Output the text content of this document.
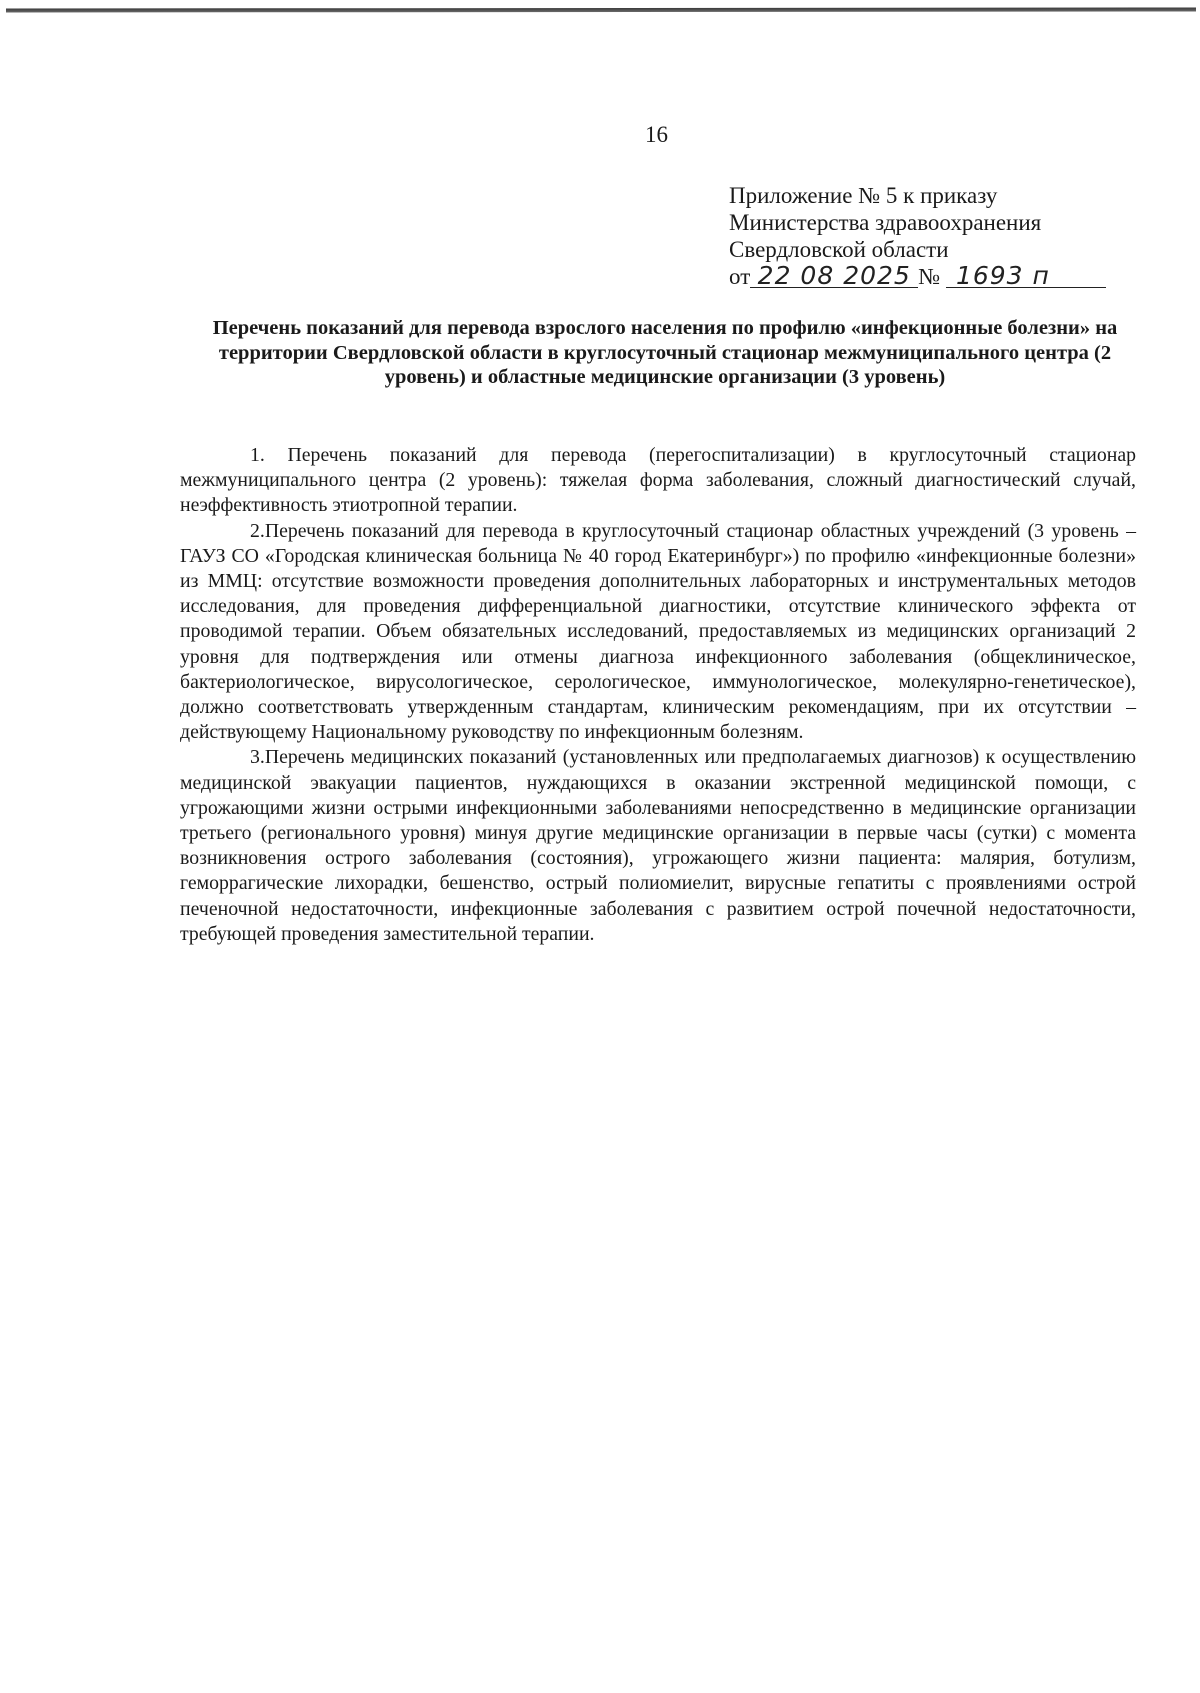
16
Приложение № 5 к приказу
Министерства здравоохранения
Свердловской области
от 22 08 2025 № 1693 п
Перечень показаний для перевода взрослого населения по профилю «инфекционные болезни» на территории Свердловской области в круглосуточный стационар межмуниципального центра (2 уровень) и областные медицинские организации (3 уровень)

1. Перечень показаний для перевода (перегоспитализации) в круглосуточный стационар межмуниципального центра (2 уровень): тяжелая форма заболевания, сложный диагностический случай, неэффективность этиотропной терапии.

2.Перечень показаний для перевода в круглосуточный стационар областных учреждений (3 уровень – ГАУЗ СО «Городская клиническая больница № 40 город Екатеринбург») по профилю «инфекционные болезни» из ММЦ: отсутствие возможности проведения дополнительных лабораторных и инструментальных методов исследования, для проведения дифференциальной диагностики, отсутствие клинического эффекта от проводимой терапии. Объем обязательных исследований, предоставляемых из медицинских организаций 2 уровня для подтверждения или отмены диагноза инфекционного заболевания (общеклиническое, бактериологическое, вирусологическое, серологическое, иммунологическое, молекулярно-генетическое), должно соответствовать утвержденным стандартам, клиническим рекомендациям, при их отсутствии – действующему Национальному руководству по инфекционным болезням.

3.Перечень медицинских показаний (установленных или предполагаемых диагнозов) к осуществлению медицинской эвакуации пациентов, нуждающихся в оказании экстренной медицинской помощи, с угрожающими жизни острыми инфекционными заболеваниями непосредственно в медицинские организации третьего (регионального уровня) минуя другие медицинские организации в первые часы (сутки) с момента возникновения острого заболевания (состояния), угрожающего жизни пациента: малярия, ботулизм, геморрагические лихорадки, бешенство, острый полиомиелит, вирусные гепатиты с проявлениями острой печеночной недостаточности, инфекционные заболевания с развитием острой почечной недостаточности, требующей проведения заместительной терапии.
